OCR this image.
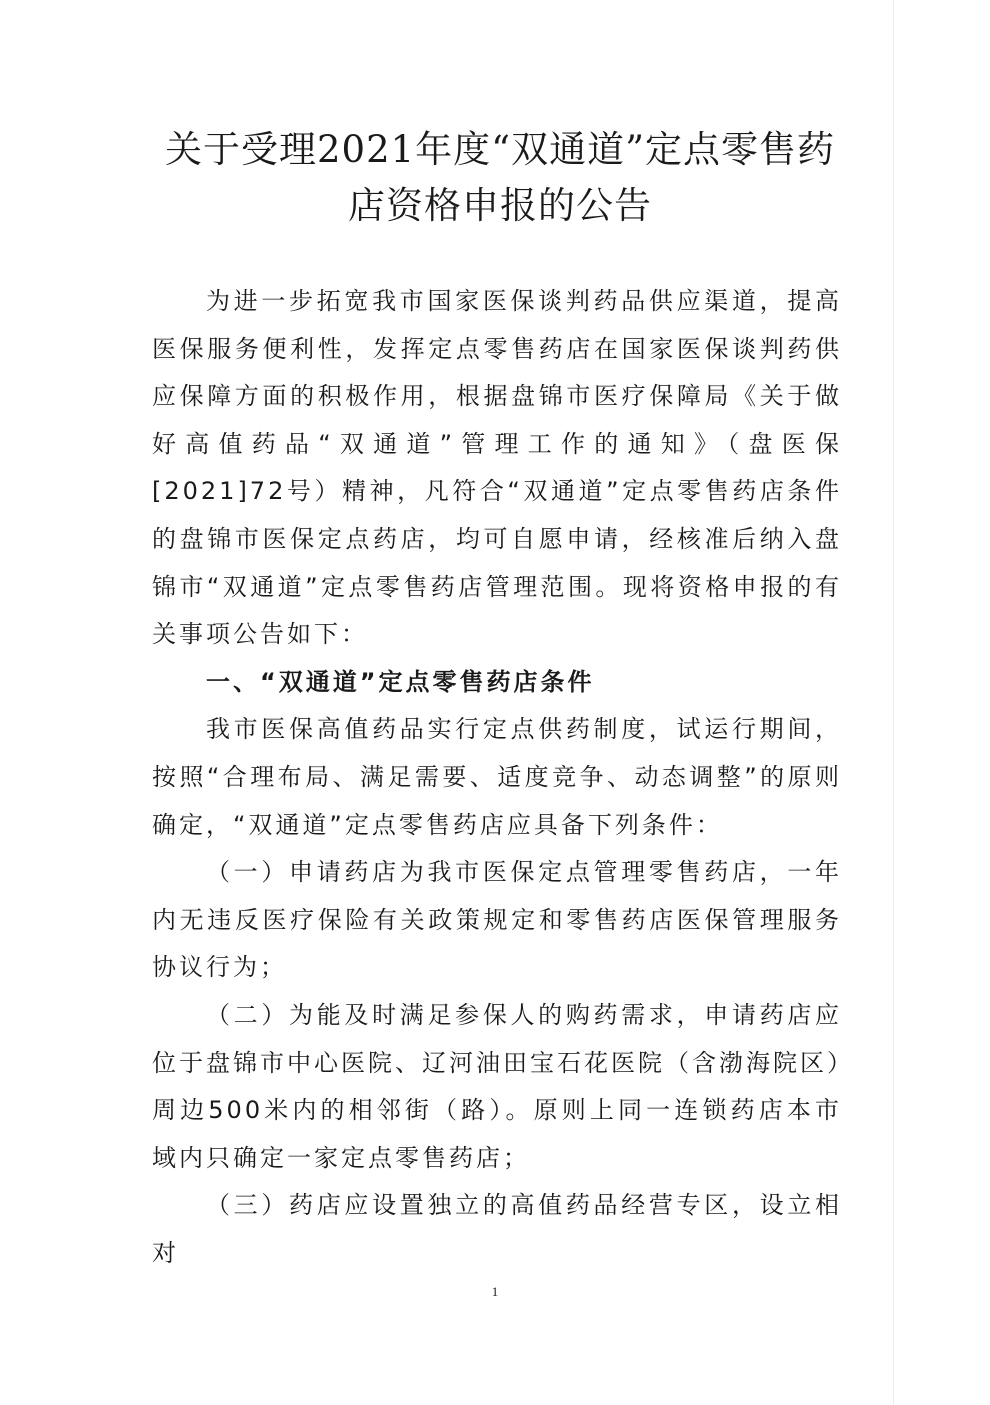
关于受理2021年度“双通道”定点零售药
店资格申报的公告

为进一步拓宽我市国家医保谈判药品供应渠道，提高医保服务便利性，发挥定点零售药店在国家医保谈判药供应保障方面的积极作用，根据盘锦市医疗保障局《关于做好高值药品“双通道”管理工作的通知》（盘医保[2021]72号）精神，凡符合“双通道”定点零售药店条件的盘锦市医保定点药店，均可自愿申请，经核准后纳入盘锦市“双通道”定点零售药店管理范围。现将资格申报的有关事项公告如下：

一、“双通道”定点零售药店条件

我市医保高值药品实行定点供药制度，试运行期间，按照“合理布局、满足需要、适度竞争、动态调整”的原则确定，“双通道”定点零售药店应具备下列条件：

（一）申请药店为我市医保定点管理零售药店，一年内无违反医疗保险有关政策规定和零售药店医保管理服务协议行为；

（二）为能及时满足参保人的购药需求，申请药店应位于盘锦市中心医院、辽河油田宝石花医院（含渤海院区）周边500米内的相邻街（路）。原则上同一连锁药店本市域内只确定一家定点零售药店；

（三）药店应设置独立的高值药品经营专区，设立相对

1
